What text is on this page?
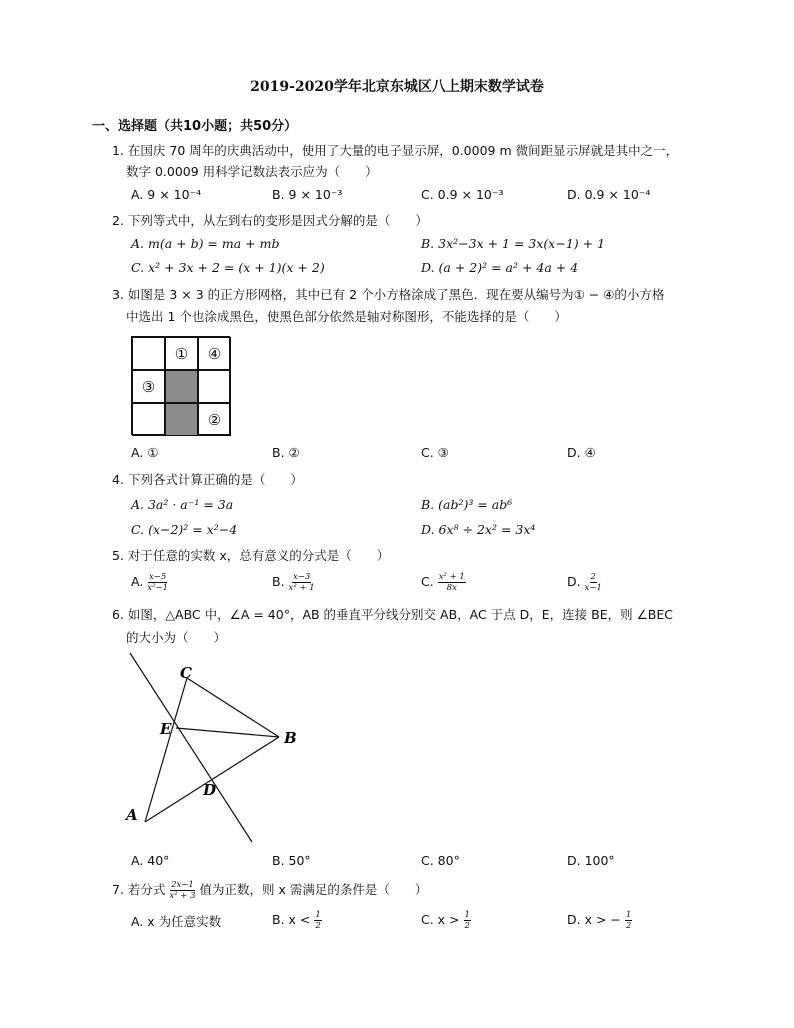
2019-2020学年北京东城区八上期末数学试卷
一、选择题（共10小题；共50分）
1. 在国庆 70 周年的庆典活动中，使用了大量的电子显示屏，0.0009 m 微间距显示屏就是其中之一，
数字 0.0009 用科学记数法表示应为（　　）
A. 9 × 10⁻⁴	B. 9 × 10⁻³	C. 0.9 × 10⁻³	D. 0.9 × 10⁻⁴
2. 下列等式中，从左到右的变形是因式分解的是（　　）
A. m(a + b) = ma + mb	B. 3x²−3x + 1 = 3x(x−1) + 1
C. x² + 3x + 2 = (x + 1)(x + 2)	D. (a + 2)² = a² + 4a + 4
3. 如图是 3 × 3 的正方形网格，其中已有 2 个小方格涂成了黑色．现在要从编号为① − ④的小方格
中选出 1 个也涂成黑色，使黑色部分依然是轴对称图形，不能选择的是（　　）
①	④
③
②
A. ①	B. ②	C. ③	D. ④
4. 下列各式计算正确的是（　　）
A. 3a² · a⁻¹ = 3a	B. (ab²)³ = ab⁶
C. (x−2)² = x²−4	D. 6x⁸ ÷ 2x² = 3x⁴
5. 对于任意的实数 x，总有意义的分式是（　　）
A. $\frac{x-5}{\text{x²−1}}$	B. $\frac{x-3}{\text{x² + 1}}$	C. $\frac{\text{x² + 1}}{8x}$	D. $\frac{2}{x-1}$
6. 如图，△ABC 中，∠A = 40°，AB 的垂直平分线分别交 AB，AC 于点 D，E，连接 BE，则 ∠BEC
的大小为（　　）
C
E	B
D
A
A. 40°	B. 50°	C. 80°	D. 100°
7. 若分式 $\frac{2x-1}{\text{x² + 3}}$ 值为正数，则 x 需满足的条件是（　　）
A. x 为任意实数	B. $x < \frac{1}{2}$	C. $x > \frac{1}{2}$	D. x > − $\frac{1}{2}$
